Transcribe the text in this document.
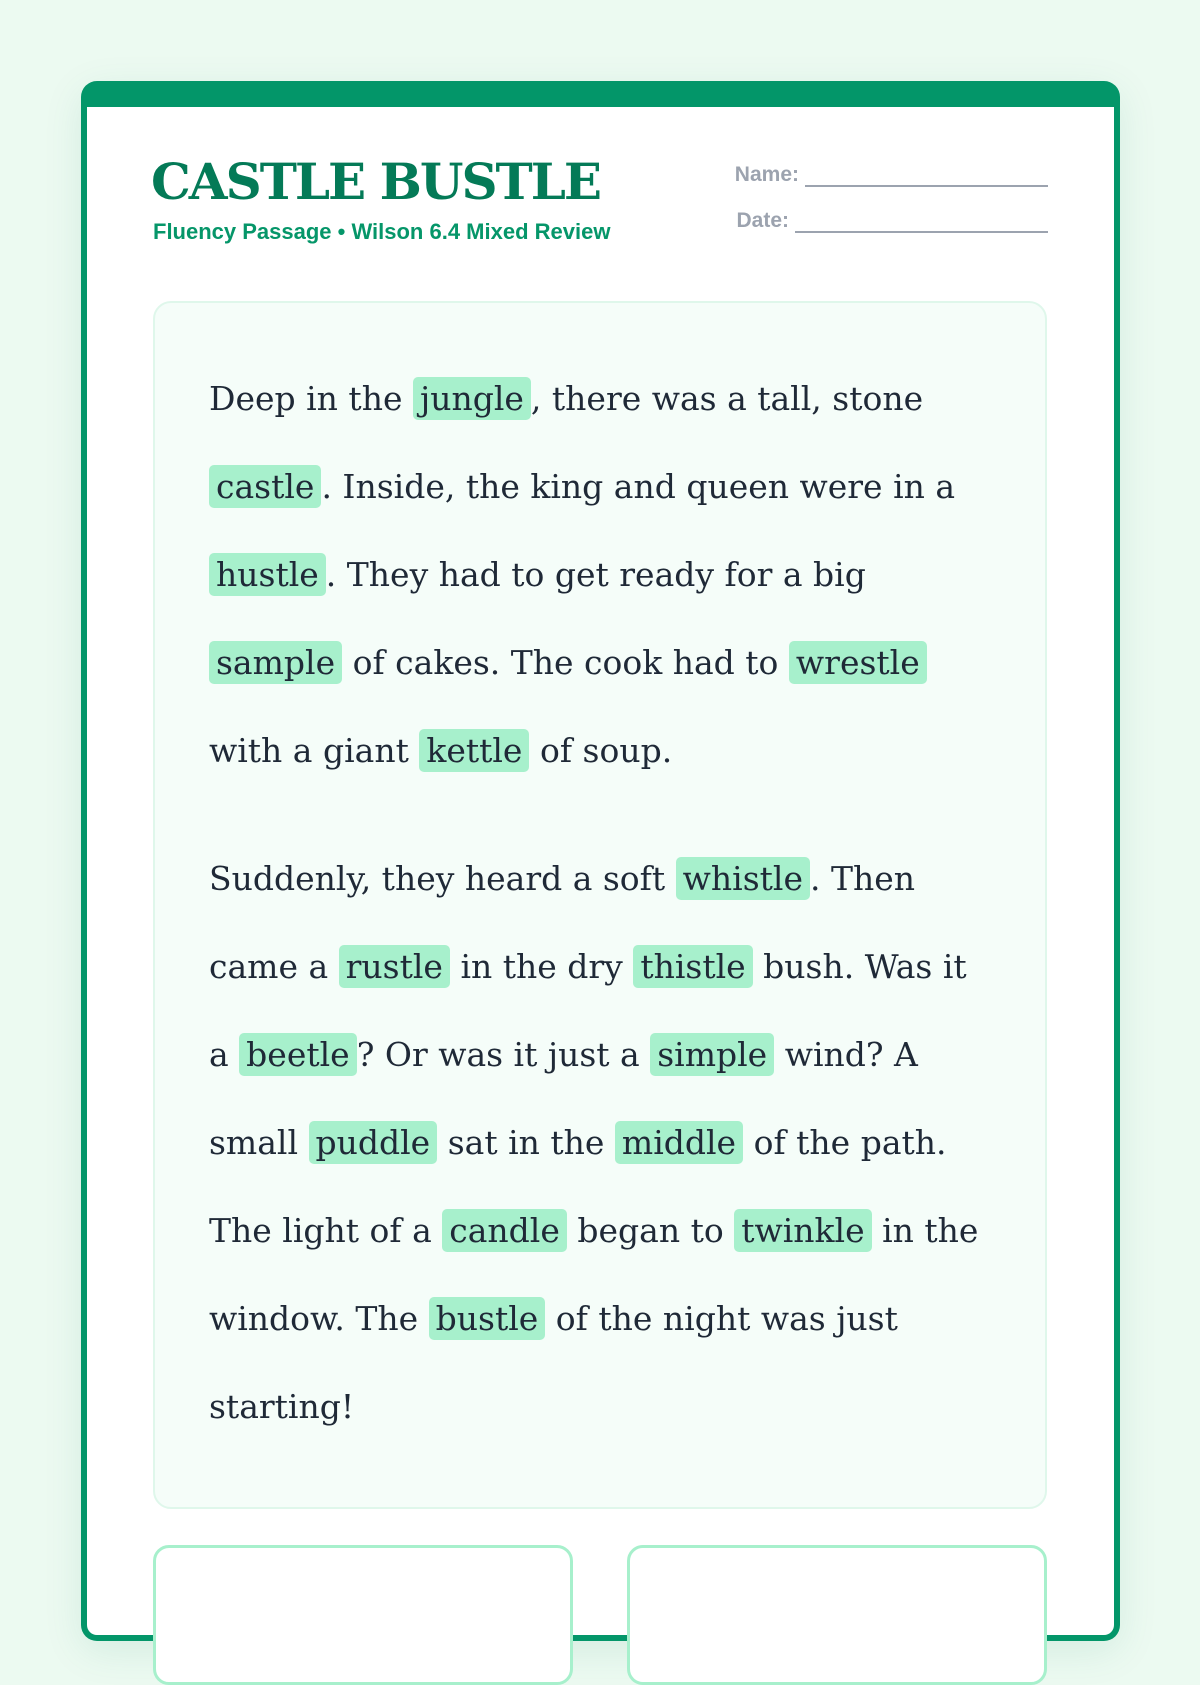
CASTLE BUSTLE
Fluency Passage • Wilson 6.4 Mixed Review
Name:
Date:

Deep in the jungle , there was a tall, stone
castle . Inside, the king and queen were in a
hustle . They had to get ready for a big
sample of cakes. The cook had to wrestle
with a giant kettle of soup.

Suddenly, they heard a soft whistle . Then
came a rustle in the dry thistle bush. Was it
a beetle ? Or was it just a simple wind? A
small puddle sat in the middle of the path.
The light of a candle began to twinkle in the
window. The bustle of the night was just
starting!
